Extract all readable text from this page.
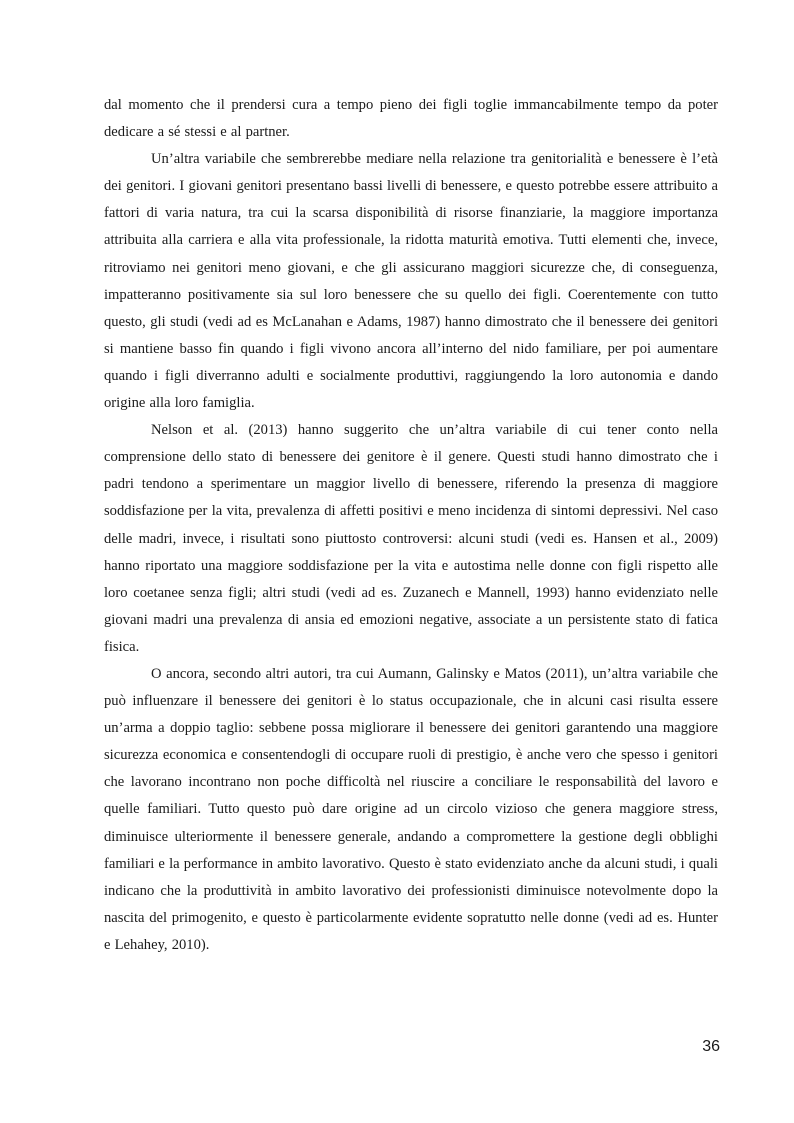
dal momento che il prendersi cura a tempo pieno dei figli toglie immancabilmente tempo da poter dedicare a sé stessi e al partner.

Un’altra variabile che sembrerebbe mediare nella relazione tra genitorialità e benessere è l’età dei genitori. I giovani genitori presentano bassi livelli di benessere, e questo potrebbe essere attribuito a fattori di varia natura, tra cui la scarsa disponibilità di risorse finanziarie, la maggiore importanza attribuita alla carriera e alla vita professionale, la ridotta maturità emotiva. Tutti elementi che, invece, ritroviamo nei genitori meno giovani, e che gli assicurano maggiori sicurezze che, di conseguenza, impatteranno positivamente sia sul loro benessere che su quello dei figli. Coerentemente con tutto questo, gli studi (vedi ad es McLanahan e Adams, 1987) hanno dimostrato che il benessere dei genitori si mantiene basso fin quando i figli vivono ancora all’interno del nido familiare, per poi aumentare quando i figli diverranno adulti e socialmente produttivi, raggiungendo la loro autonomia e dando origine alla loro famiglia.

Nelson et al. (2013) hanno suggerito che un’altra variabile di cui tener conto nella comprensione dello stato di benessere dei genitore è il genere. Questi studi hanno dimostrato che i padri tendono a sperimentare un maggior livello di benessere, riferendo la presenza di maggiore soddisfazione per la vita, prevalenza di affetti positivi e meno incidenza di sintomi depressivi. Nel caso delle madri, invece, i risultati sono piuttosto controversi: alcuni studi (vedi es. Hansen et al., 2009) hanno riportato una maggiore soddisfazione per la vita e autostima nelle donne con figli rispetto alle loro coetanee senza figli; altri studi (vedi ad es. Zuzanech e Mannell, 1993) hanno evidenziato nelle giovani madri una prevalenza di ansia ed emozioni negative, associate a un persistente stato di fatica fisica.

O ancora, secondo altri autori, tra cui Aumann, Galinsky e Matos (2011), un’altra variabile che può influenzare il benessere dei genitori è lo status occupazionale, che in alcuni casi risulta essere un’arma a doppio taglio: sebbene possa migliorare il benessere dei genitori garantendo una maggiore sicurezza economica e consentendogli di occupare ruoli di prestigio, è anche vero che spesso i genitori che lavorano incontrano non poche difficoltà nel riuscire a conciliare le responsabilità del lavoro e quelle familiari. Tutto questo può dare origine ad un circolo vizioso che genera maggiore stress, diminuisce ulteriormente il benessere generale, andando a compromettere la gestione degli obblighi familiari e la performance in ambito lavorativo. Questo è stato evidenziato anche da alcuni studi, i quali indicano che la produttività in ambito lavorativo dei professionisti diminuisce notevolmente dopo la nascita del primogenito, e questo è particolarmente evidente sopratutto nelle donne (vedi ad es. Hunter e Lehahey, 2010).

36
